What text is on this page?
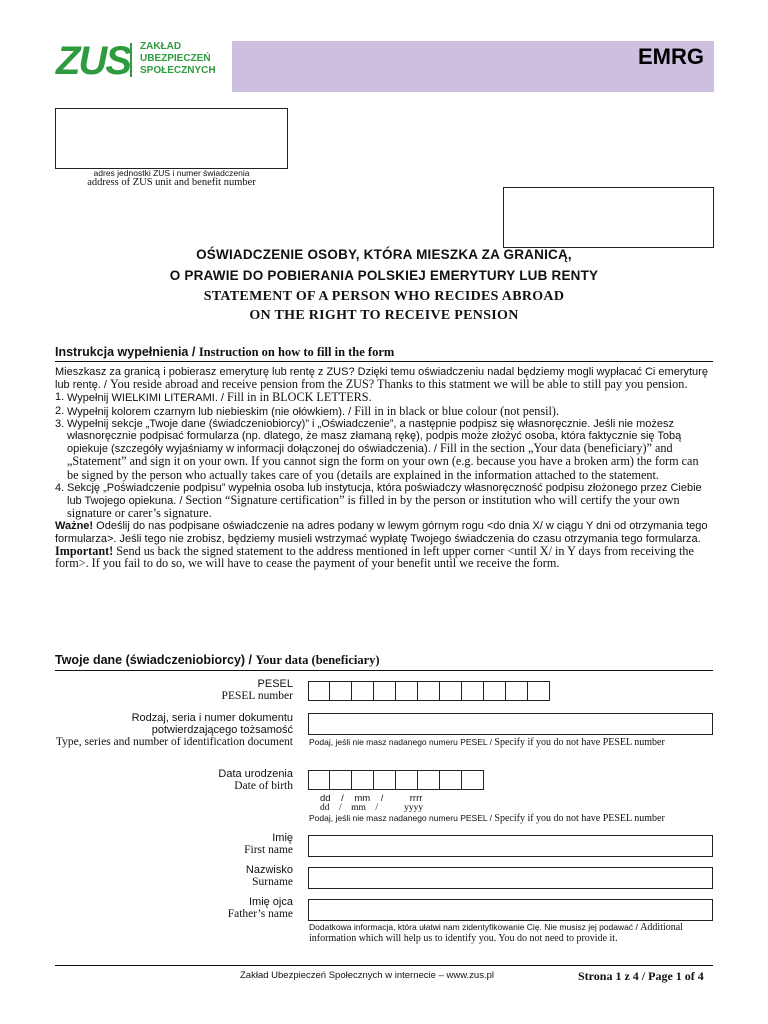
ZUS ZAKŁAD
UBEZPIECZEŃ
SPOŁECZNYCH
EMRG
adres jednostki ZUS i numer świadczenia
address of ZUS unit and benefit number
OŚWIADCZENIE OSOBY, KTÓRA MIESZKA ZA GRANICĄ,
O PRAWIE DO POBIERANIA POLSKIEJ EMERYTURY LUB RENTY
STATEMENT OF A PERSON WHO RECIDES ABROAD
ON THE RIGHT TO RECEIVE PENSION
Instrukcja wypełnienia / Instruction on how to fill in the form

Mieszkasz za granicą i pobierasz emeryturę lub rentę z ZUS? Dzięki temu oświadczeniu nadal będziemy mogli wypłacać Ci emeryturę lub rentę. / You reside abroad and receive pension from the ZUS? Thanks to this statment we will be able to still pay you pension.

1. Wypełnij WIELKIMI LITERAMI. / Fill in in BLOCK LETTERS.
2. Wypełnij kolorem czarnym lub niebieskim (nie ołówkiem). / Fill in in black or blue colour (not pensil).
3. Wypełnij sekcje „Twoje dane (świadczeniobiorcy)” i „Oświadczenie”, a następnie podpisz się własnoręcznie. Jeśli nie możesz własnoręcznie podpisać formularza (np. dlatego, że masz złamaną rękę), podpis może złożyć osoba, która faktycznie się Tobą opiekuje (szczegóły wyjaśniamy w informacji dołączonej do oświadczenia). / Fill in the section „Your data (beneficiary)” and „Statement” and sign it on your own. If you cannot sign the form on your own (e.g. because you have a broken arm) the form can be signed by the person who actually takes care of you (details are explained in the information attached to the statement.
4. Sekcję „Poświadczenie podpisu” wypełnia osoba lub instytucja, która poświadczy własnoręczność podpisu złożonego przez Ciebie lub Twojego opiekuna. / Section “Signature certification” is filled in by the person or institution who will certify the your own signature or carer’s signature.

Ważne! Odeślij do nas podpisane oświadczenie na adres podany w lewym górnym rogu <do dnia X/ w ciągu Y dni od otrzymania tego formularza>. Jeśli tego nie zrobisz, będziemy musieli wstrzymać wypłatę Twojego świadczenia do czasu otrzymania tego formularza.

Important! Send us back the signed statement to the address mentioned in left upper corner <until X/ in Y days from receiving the form>. If you fail to do so, we will have to cease the payment of your benefit until we receive the form.

Twoje dane (świadczeniobiorcy) / Your data (beneficiary)
PESEL
PESEL number
Rodzaj, seria i numer dokumentu potwierdzającego tożsamość
Type, series and number of identification document Podaj, jeśli nie masz nadanego numeru PESEL / Specify if you do not have PESEL number
Data urodzenia
Date of birth
dd    /    mm    /          rrrr
dd    /    mm    /           yyyy
Podaj, jeśli nie masz nadanego numeru PESEL / Specify if you do not have PESEL number
Imię
First name
Nazwisko
Surname
Imię ojca
Father’s name
Dodatkowa informacja, która ułatwi nam zidentyfikowanie Cię. Nie musisz jej podawać / Additional information which will help us to identify you. You do not need to provide it.
Zakład Ubezpieczeń Społecznych w internecie – www.zus.pl	Strona 1 z 4 / Page 1 of 4
